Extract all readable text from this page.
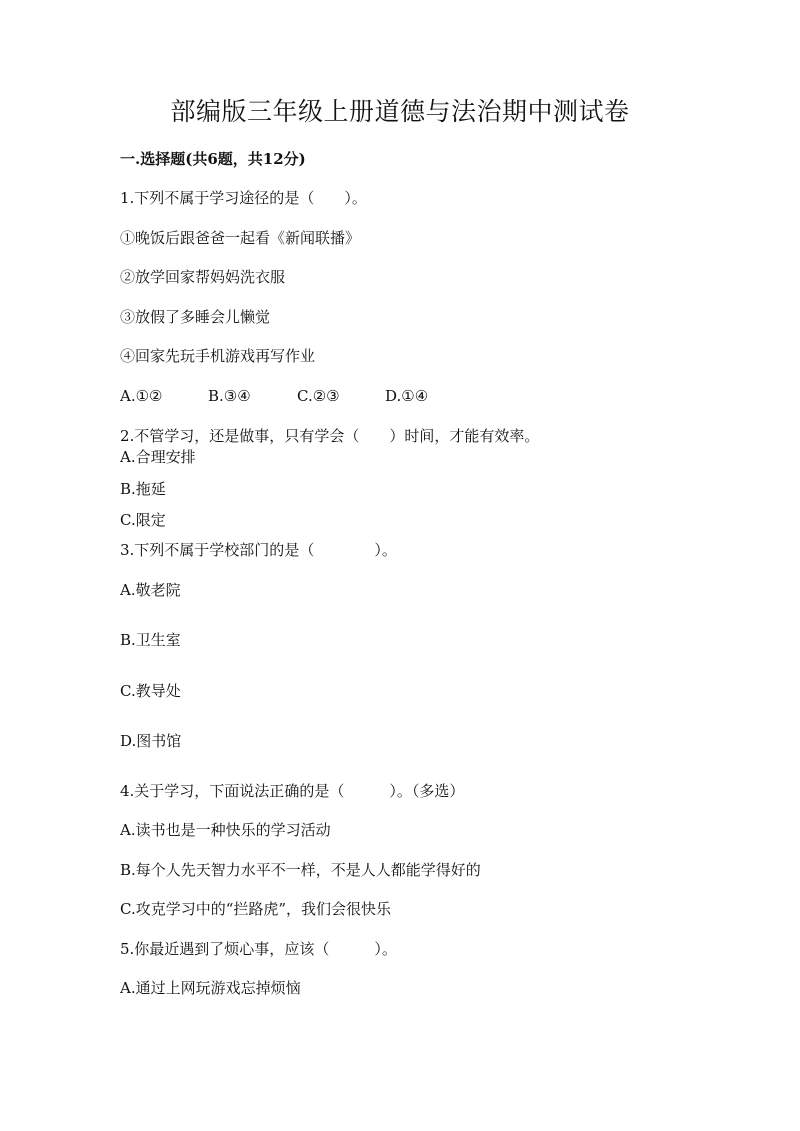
部编版三年级上册道德与法治期中测试卷
一.选择题(共6题，共12分)
1.下列不属于学习途径的是（　　）。
①晚饭后跟爸爸一起看《新闻联播》
②放学回家帮妈妈洗衣服
③放假了多睡会儿懒觉
④回家先玩手机游戏再写作业
A.①②	B.③④	C.②③	D.①④
2.不管学习，还是做事，只有学会（　　）时间，才能有效率。
A.合理安排
B.拖延
C.限定
3.下列不属于学校部门的是（　　　　）。
A.敬老院
B.卫生室
C.教导处
D.图书馆
4.关于学习，下面说法正确的是（　　　）。（多选）
A.读书也是一种快乐的学习活动
B.每个人先天智力水平不一样，不是人人都能学得好的
C.攻克学习中的“拦路虎”，我们会很快乐
5.你最近遇到了烦心事，应该（　　　）。
A.通过上网玩游戏忘掉烦恼
